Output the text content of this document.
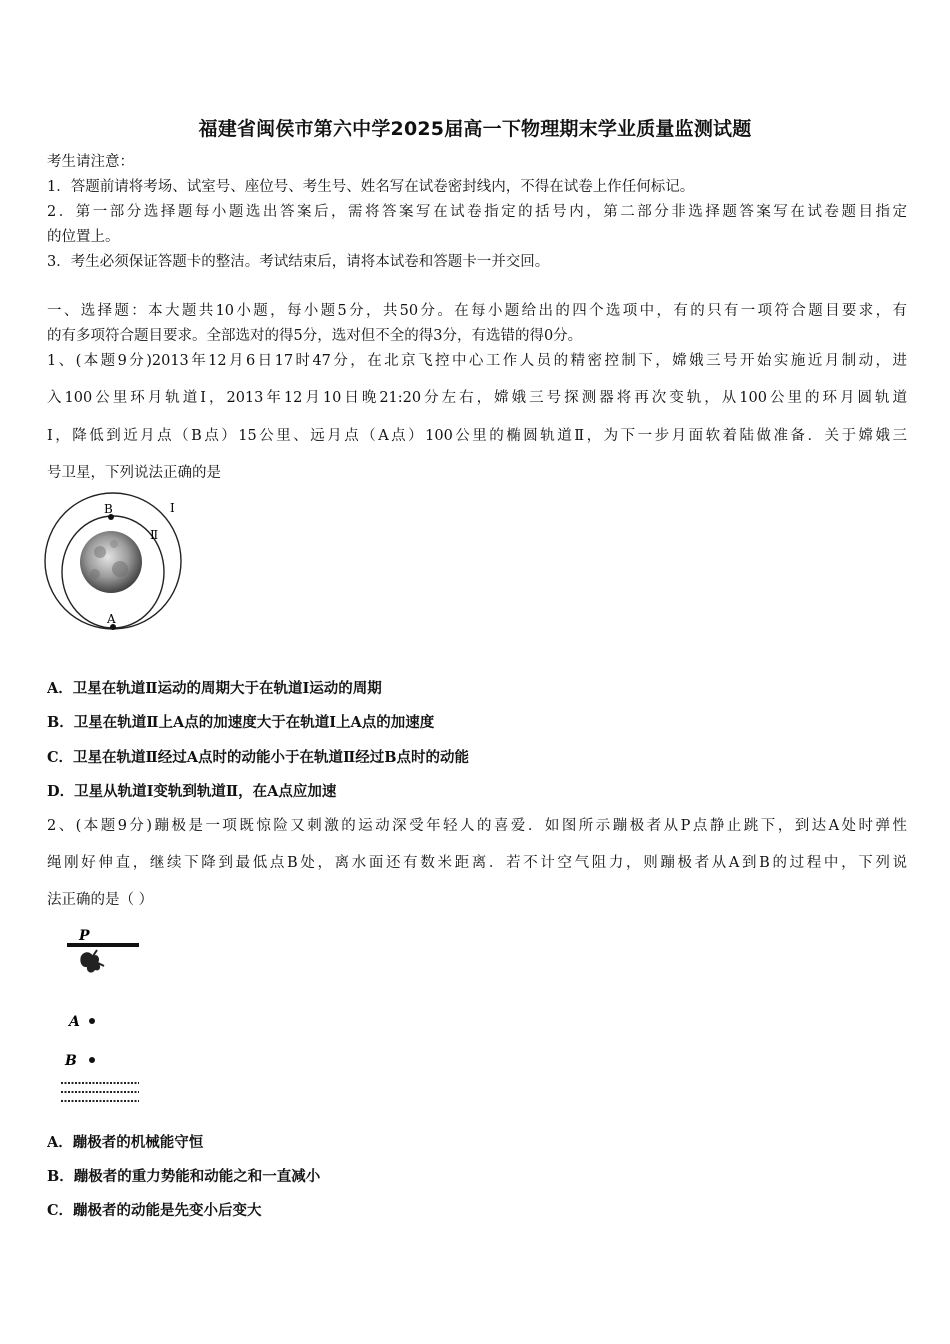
福建省闽侯市第六中学2025届高一下物理期末学业质量监测试题
考生请注意：
1．答题前请将考场、试室号、座位号、考生号、姓名写在试卷密封线内，不得在试卷上作任何标记。
2．第一部分选择题每小题选出答案后，需将答案写在试卷指定的括号内，第二部分非选择题答案写在试卷题目指定
的位置上。
3．考生必须保证答题卡的整洁。考试结束后，请将本试卷和答题卡一并交回。
一、选择题：本大题共10小题，每小题5分，共50分。在每小题给出的四个选项中，有的只有一项符合题目要求，有
的有多项符合题目要求。全部选对的得5分，选对但不全的得3分，有选错的得0分。
1、(本题9分)2013年12月6日17时47分，在北京飞控中心工作人员的精密控制下，嫦娥三号开始实施近月制动，进
入100公里环月轨道Ⅰ，2013年12月10日晚21:20分左右，嫦娥三号探测器将再次变轨，从100公里的环月圆轨道
Ⅰ，降低到近月点（B点）15公里、远月点（A点）100公里的椭圆轨道Ⅱ，为下一步月面软着陆做准备．关于嫦娥三
号卫星，下列说法正确的是
B
A
Ⅰ
Ⅱ
A．卫星在轨道Ⅱ运动的周期大于在轨道Ⅰ运动的周期
B．卫星在轨道Ⅱ上A点的加速度大于在轨道Ⅰ上A点的加速度
C．卫星在轨道Ⅱ经过A点时的动能小于在轨道Ⅱ经过B点时的动能
D．卫星从轨道Ⅰ变轨到轨道Ⅱ，在A点应加速
2、(本题9分)蹦极是一项既惊险又刺激的运动深受年轻人的喜爱．如图所示蹦极者从P点静止跳下，到达A处时弹性
绳刚好伸直，继续下降到最低点B处，离水面还有数米距离．若不计空气阻力，则蹦极者从A到B的过程中，下列说
法正确的是（ ）
P
A
B
A．蹦极者的机械能守恒
B．蹦极者的重力势能和动能之和一直减小
C．蹦极者的动能是先变小后变大
